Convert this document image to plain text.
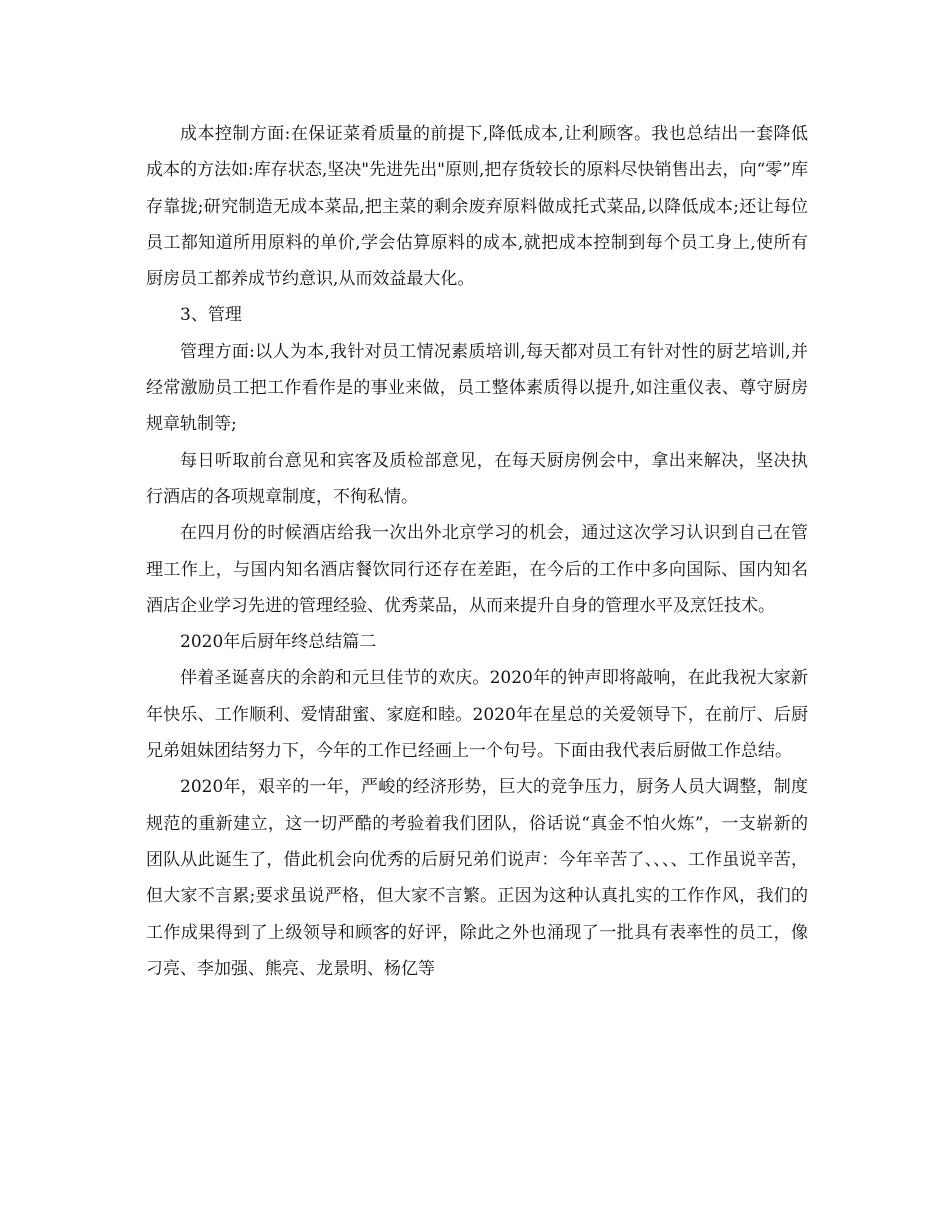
成本控制方面:在保证菜肴质量的前提下,降低成本,让利顾客。我也总结出一套降低成本的方法如:库存状态,坚决"先进先出"原则,把存货较长的原料尽快销售出去，向“零”库存靠拢;研究制造无成本菜品,把主菜的剩余废弃原料做成托式菜品,以降低成本;还让每位员工都知道所用原料的单价,学会估算原料的成本,就把成本控制到每个员工身上,使所有厨房员工都养成节约意识,从而效益最大化。

3、管理

管理方面:以人为本,我针对员工情况素质培训,每天都对员工有针对性的厨艺培训,并经常激励员工把工作看作是的事业来做，员工整体素质得以提升,如注重仪表、尊守厨房规章轨制等;

每日听取前台意见和宾客及质检部意见，在每天厨房例会中，拿出来解决，坚决执行酒店的各项规章制度，不徇私情。

在四月份的时候酒店给我一次出外北京学习的机会，通过这次学习认识到自己在管理工作上，与国内知名酒店餐饮同行还存在差距，在今后的工作中多向国际、国内知名酒店企业学习先进的管理经验、优秀菜品，从而来提升自身的管理水平及烹饪技术。

2020年后厨年终总结篇二

伴着圣诞喜庆的余韵和元旦佳节的欢庆。2020年的钟声即将敲响，在此我祝大家新年快乐、工作顺利、爱情甜蜜、家庭和睦。2020年在星总的关爱领导下，在前厅、后厨兄弟姐妹团结努力下，今年的工作已经画上一个句号。下面由我代表后厨做工作总结。

2020年，艰辛的一年，严峻的经济形势，巨大的竞争压力，厨务人员大调整，制度规范的重新建立，这一切严酷的考验着我们团队，俗话说“真金不怕火炼”，一支崭新的团队从此诞生了，借此机会向优秀的后厨兄弟们说声：今年辛苦了、、、、工作虽说辛苦，但大家不言累;要求虽说严格，但大家不言繁。正因为这种认真扎实的工作作风，我们的工作成果得到了上级领导和顾客的好评，除此之外也涌现了一批具有表率性的员工，像刁亮、李加强、熊亮、龙景明、杨亿等
